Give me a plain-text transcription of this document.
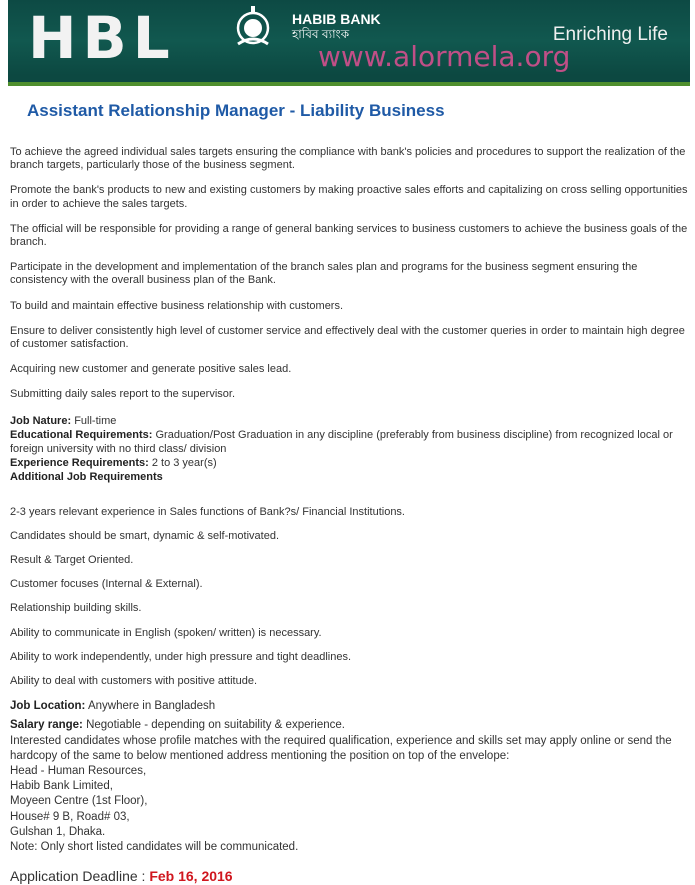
HBL	HABIB BANK
হাবিব ব্যাংক	Enriching Life
www.alormela.org
Assistant Relationship Manager - Liability Business

To achieve the agreed individual sales targets ensuring the compliance with bank's policies and procedures to support the realization of the branch targets, particularly those of the business segment.

Promote the bank's products to new and existing customers by making proactive sales efforts and capitalizing on cross selling opportunities in order to achieve the sales targets.

The official will be responsible for providing a range of general banking services to business customers to achieve the business goals of the branch.

Participate in the development and implementation of the branch sales plan and programs for the business segment ensuring the consistency with the overall business plan of the Bank.

To build and maintain effective business relationship with customers.

Ensure to deliver consistently high level of customer service and effectively deal with the customer queries in order to maintain high degree of customer satisfaction.

Acquiring new customer and generate positive sales lead.

Submitting daily sales report to the supervisor.

Job Nature: Full-time
Educational Requirements: Graduation/Post Graduation in any discipline (preferably from business discipline) from recognized local or foreign university with no third class/ division
Experience Requirements: 2 to 3 year(s)
Additional Job Requirements

2-3 years relevant experience in Sales functions of Bank?s/ Financial Institutions.

Candidates should be smart, dynamic & self-motivated.

Result & Target Oriented.

Customer focuses (Internal & External).

Relationship building skills.

Ability to communicate in English (spoken/ written) is necessary.

Ability to work independently, under high pressure and tight deadlines.

Ability to deal with customers with positive attitude.

Job Location: Anywhere in Bangladesh
Salary range: Negotiable - depending on suitability & experience.
Interested candidates whose profile matches with the required qualification, experience and skills set may apply online or send the hardcopy of the same to below mentioned address mentioning the position on top of the envelope:
Head - Human Resources,
Habib Bank Limited,
Moyeen Centre (1st Floor),
House# 9 B, Road# 03,
Gulshan 1, Dhaka.
Note: Only short listed candidates will be communicated.
Application Deadline : Feb 16, 2016
